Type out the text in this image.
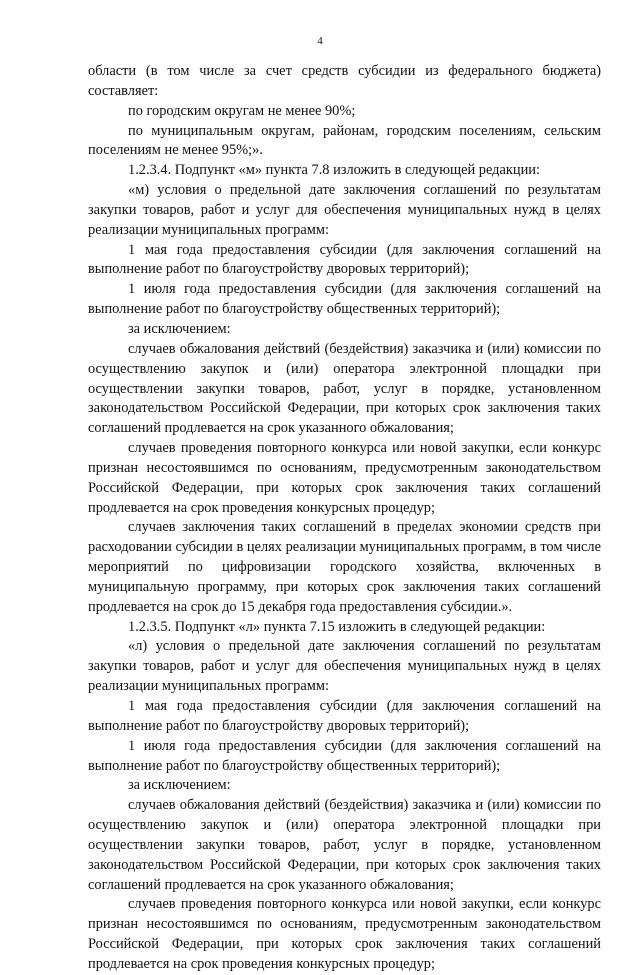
4

области (в том числе за счет средств субсидии из федерального бюджета) составляет:

по городским округам не менее 90%;

по муниципальным округам, районам, городским поселениям, сельским поселениям не менее 95%;».

1.2.3.4. Подпункт «м» пункта 7.8 изложить в следующей редакции:

«м) условия о предельной дате заключения соглашений по результатам закупки товаров, работ и услуг для обеспечения муниципальных нужд в целях реализации муниципальных программ:

1 мая года предоставления субсидии (для заключения соглашений на выполнение работ по благоустройству дворовых территорий);

1 июля года предоставления субсидии (для заключения соглашений на выполнение работ по благоустройству общественных территорий);

за исключением:

случаев обжалования действий (бездействия) заказчика и (или) комиссии по осуществлению закупок и (или) оператора электронной площадки при осуществлении закупки товаров, работ, услуг в порядке, установленном законодательством Российской Федерации, при которых срок заключения таких соглашений продлевается на срок указанного обжалования;

случаев проведения повторного конкурса или новой закупки, если конкурс признан несостоявшимся по основаниям, предусмотренным законодательством Российской Федерации, при которых срок заключения таких соглашений продлевается на срок проведения конкурсных процедур;

случаев заключения таких соглашений в пределах экономии средств при расходовании субсидии в целях реализации муниципальных программ, в том числе мероприятий по цифровизации городского хозяйства, включенных в муниципальную программу, при которых срок заключения таких соглашений продлевается на срок до 15 декабря года предоставления субсидии.».

1.2.3.5. Подпункт «л» пункта 7.15 изложить в следующей редакции:

«л) условия о предельной дате заключения соглашений по результатам закупки товаров, работ и услуг для обеспечения муниципальных нужд в целях реализации муниципальных программ:

1 мая года предоставления субсидии (для заключения соглашений на выполнение работ по благоустройству дворовых территорий);

1 июля года предоставления субсидии (для заключения соглашений на выполнение работ по благоустройству общественных территорий);

за исключением:

случаев обжалования действий (бездействия) заказчика и (или) комиссии по осуществлению закупок и (или) оператора электронной площадки при осуществлении закупки товаров, работ, услуг в порядке, установленном законодательством Российской Федерации, при которых срок заключения таких соглашений продлевается на срок указанного обжалования;

случаев проведения повторного конкурса или новой закупки, если конкурс признан несостоявшимся по основаниям, предусмотренным законодательством Российской Федерации, при которых срок заключения таких соглашений продлевается на срок проведения конкурсных процедур;
